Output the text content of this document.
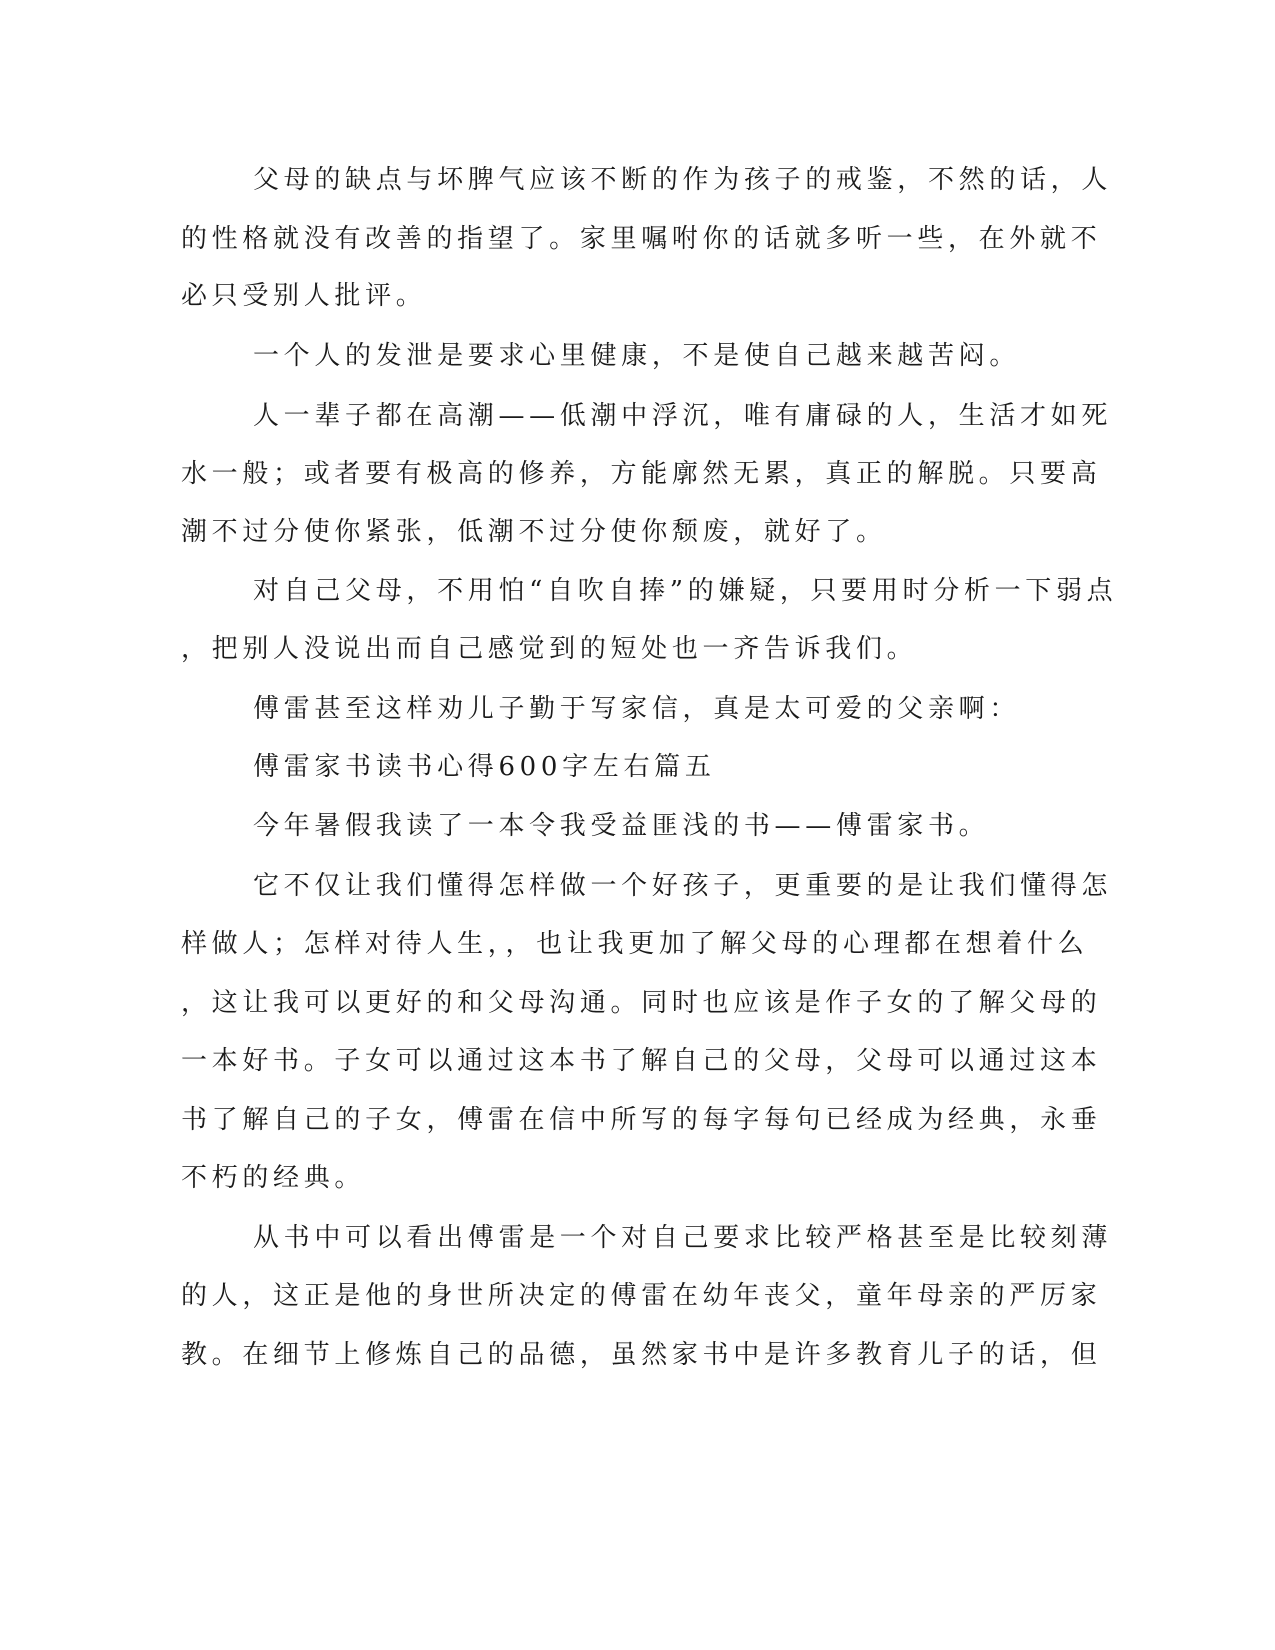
父母的缺点与坏脾气应该不断的作为孩子的戒鉴，不然的话，人
的性格就没有改善的指望了。家里嘱咐你的话就多听一些，在外就不
必只受别人批评。
一个人的发泄是要求心里健康，不是使自己越来越苦闷。
人一辈子都在高潮——低潮中浮沉，唯有庸碌的人，生活才如死
水一般；或者要有极高的修养，方能廓然无累，真正的解脱。只要高
潮不过分使你紧张，低潮不过分使你颓废，就好了。
对自己父母，不用怕“自吹自捧”的嫌疑，只要用时分析一下弱点
，把别人没说出而自己感觉到的短处也一齐告诉我们。
傅雷甚至这样劝儿子勤于写家信，真是太可爱的父亲啊：
傅雷家书读书心得600字左右篇五
今年暑假我读了一本令我受益匪浅的书——傅雷家书。
它不仅让我们懂得怎样做一个好孩子，更重要的是让我们懂得怎
样做人；怎样对待人生，，也让我更加了解父母的心理都在想着什么
，这让我可以更好的和父母沟通。同时也应该是作子女的了解父母的
一本好书。子女可以通过这本书了解自己的父母，父母可以通过这本
书了解自己的子女，傅雷在信中所写的每字每句已经成为经典，永垂
不朽的经典。
从书中可以看出傅雷是一个对自己要求比较严格甚至是比较刻薄
的人，这正是他的身世所决定的傅雷在幼年丧父，童年母亲的严厉家
教。在细节上修炼自己的品德，虽然家书中是许多教育儿子的话，但
